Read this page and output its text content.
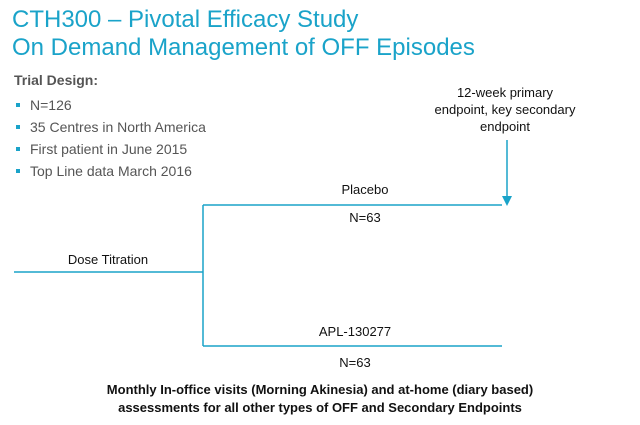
CTH300 – Pivotal Efficacy Study
On Demand Management of OFF Episodes
Trial Design:
N=126
35 Centres in North America
First patient in June 2015
Top Line data March 2016
12-week primary
endpoint, key secondary
endpoint
Dose Titration
Placebo
N=63
APL-130277
N=63
Monthly In-office visits (Morning Akinesia) and at-home (diary based)
assessments for all other types of OFF and Secondary Endpoints
